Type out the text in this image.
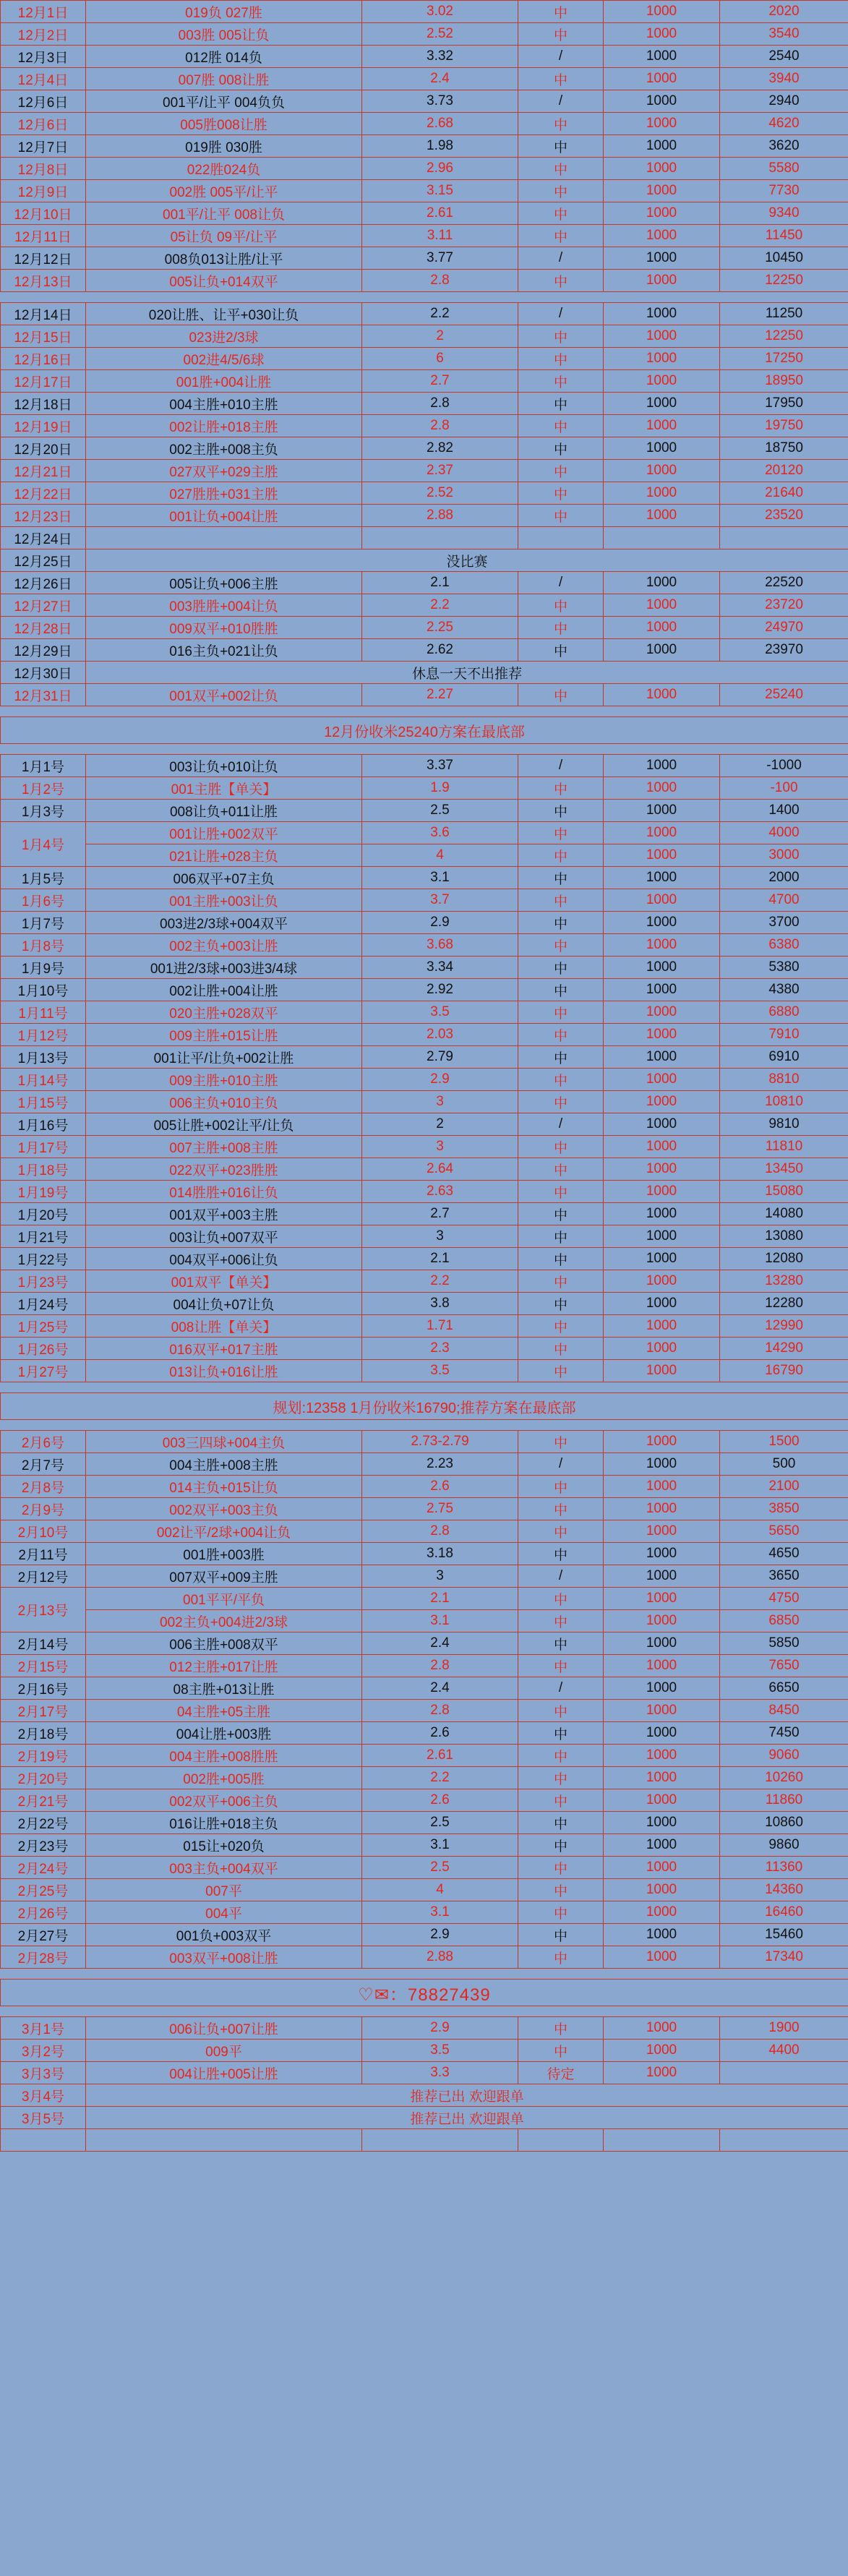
12月1日	019负 027胜	3.02	中	1000	2020
12月2日	003胜 005让负	2.52	中	1000	3540
12月3日	012胜 014负	3.32	/	1000	2540
12月4日	007胜 008让胜	2.4	中	1000	3940
12月6日	001平/让平 004负负	3.73	/	1000	2940
12月6日	005胜008让胜	2.68	中	1000	4620
12月7日	019胜 030胜	1.98	中	1000	3620
12月8日	022胜024负	2.96	中	1000	5580
12月9日	002胜 005平/让平	3.15	中	1000	7730
12月10日	001平/让平 008让负	2.61	中	1000	9340
12月11日	05让负 09平/让平	3.11	中	1000	11450
12月12日	008负013让胜/让平	3.77	/	1000	10450
12月13日	005让负+014双平	2.8	中	1000	12250

12月14日	020让胜、让平+030让负	2.2	/	1000	11250
12月15日	023进2/3球	2	中	1000	12250
12月16日	002进4/5/6球	6	中	1000	17250
12月17日	001胜+004让胜	2.7	中	1000	18950
12月18日	004主胜+010主胜	2.8	中	1000	17950
12月19日	002让胜+018主胜	2.8	中	1000	19750
12月20日	002主胜+008主负	2.82	中	1000	18750
12月21日	027双平+029主胜	2.37	中	1000	20120
12月22日	027胜胜+031主胜	2.52	中	1000	21640
12月23日	001让负+004让胜	2.88	中	1000	23520
12月24日					
12月25日	没比赛				
12月26日	005让负+006主胜	2.1	/	1000	22520
12月27日	003胜胜+004让负	2.2	中	1000	23720
12月28日	009双平+010胜胜	2.25	中	1000	24970
12月29日	016主负+021让负	2.62	中	1000	23970
12月30日	休息一天不出推荐				
12月31日	001双平+002让负	2.27	中	1000	25240

12月份收米25240方案在最底部					

1月1号	003让负+010让负	3.37	/	1000	-1000
1月2号	001主胜【单关】	1.9	中	1000	-100
1月3号	008让负+011让胜	2.5	中	1000	1400
1月4号	001让胜+002双平	3.6	中	1000	4000
	021让胜+028主负	4	中	1000	3000
1月5号	006双平+07主负	3.1	中	1000	2000
1月6号	001主胜+003让负	3.7	中	1000	4700
1月7号	003进2/3球+004双平	2.9	中	1000	3700
1月8号	002主负+003让胜	3.68	中	1000	6380
1月9号	001进2/3球+003进3/4球	3.34	中	1000	5380
1月10号	002让胜+004让胜	2.92	中	1000	4380
1月11号	020主胜+028双平	3.5	中	1000	6880
1月12号	009主胜+015让胜	2.03	中	1000	7910
1月13号	001让平/让负+002让胜	2.79	中	1000	6910
1月14号	009主胜+010主胜	2.9	中	1000	8810
1月15号	006主负+010主负	3	中	1000	10810
1月16号	005让胜+002让平/让负	2	/	1000	9810
1月17号	007主胜+008主胜	3	中	1000	11810
1月18号	022双平+023胜胜	2.64	中	1000	13450
1月19号	014胜胜+016让负	2.63	中	1000	15080
1月20号	001双平+003主胜	2.7	中	1000	14080
1月21号	003让负+007双平	3	中	1000	13080
1月22号	004双平+006让负	2.1	中	1000	12080
1月23号	001双平【单关】	2.2	中	1000	13280
1月24号	004让负+07让负	3.8	中	1000	12280
1月25号	008让胜【单关】	1.71	中	1000	12990
1月26号	016双平+017主胜	2.3	中	1000	14290
1月27号	013让负+016让胜	3.5	中	1000	16790

规划:12358 1月份收米16790;推荐方案在最底部					

2月6号	003三四球+004主负	2.73-2.79	中	1000	1500
2月7号	004主胜+008主胜	2.23	/	1000	500
2月8号	014主负+015让负	2.6	中	1000	2100
2月9号	002双平+003主负	2.75	中	1000	3850
2月10号	002让平/2球+004让负	2.8	中	1000	5650
2月11号	001胜+003胜	3.18	中	1000	4650
2月12号	007双平+009主胜	3	/	1000	3650
2月13号	001平平/平负	2.1	中	1000	4750
	002主负+004进2/3球	3.1	中	1000	6850
2月14号	006主胜+008双平	2.4	中	1000	5850
2月15号	012主胜+017让胜	2.8	中	1000	7650
2月16号	08主胜+013让胜	2.4	/	1000	6650
2月17号	04主胜+05主胜	2.8	中	1000	8450
2月18号	004让胜+003胜	2.6	中	1000	7450
2月19号	004主胜+008胜胜	2.61	中	1000	9060
2月20号	002胜+005胜	2.2	中	1000	10260
2月21号	002双平+006主负	2.6	中	1000	11860
2月22号	016让胜+018主负	2.5	中	1000	10860
2月23号	015让+020负	3.1	中	1000	9860
2月24号	003主负+004双平	2.5	中	1000	11360
2月25号	007平	4	中	1000	14360
2月26号	004平	3.1	中	1000	16460
2月27号	001负+003双平	2.9	中	1000	15460
2月28号	003双平+008让胜	2.88	中	1000	17340

♡✉：78827439					

3月1号	006让负+007让胜	2.9	中	1000	1900
3月2号	009平	3.5	中	1000	4400
3月3号	004让胜+005让胜	3.3	待定	1000	
3月4号	推荐已出 欢迎跟单				
3月5号	推荐已出 欢迎跟单				
